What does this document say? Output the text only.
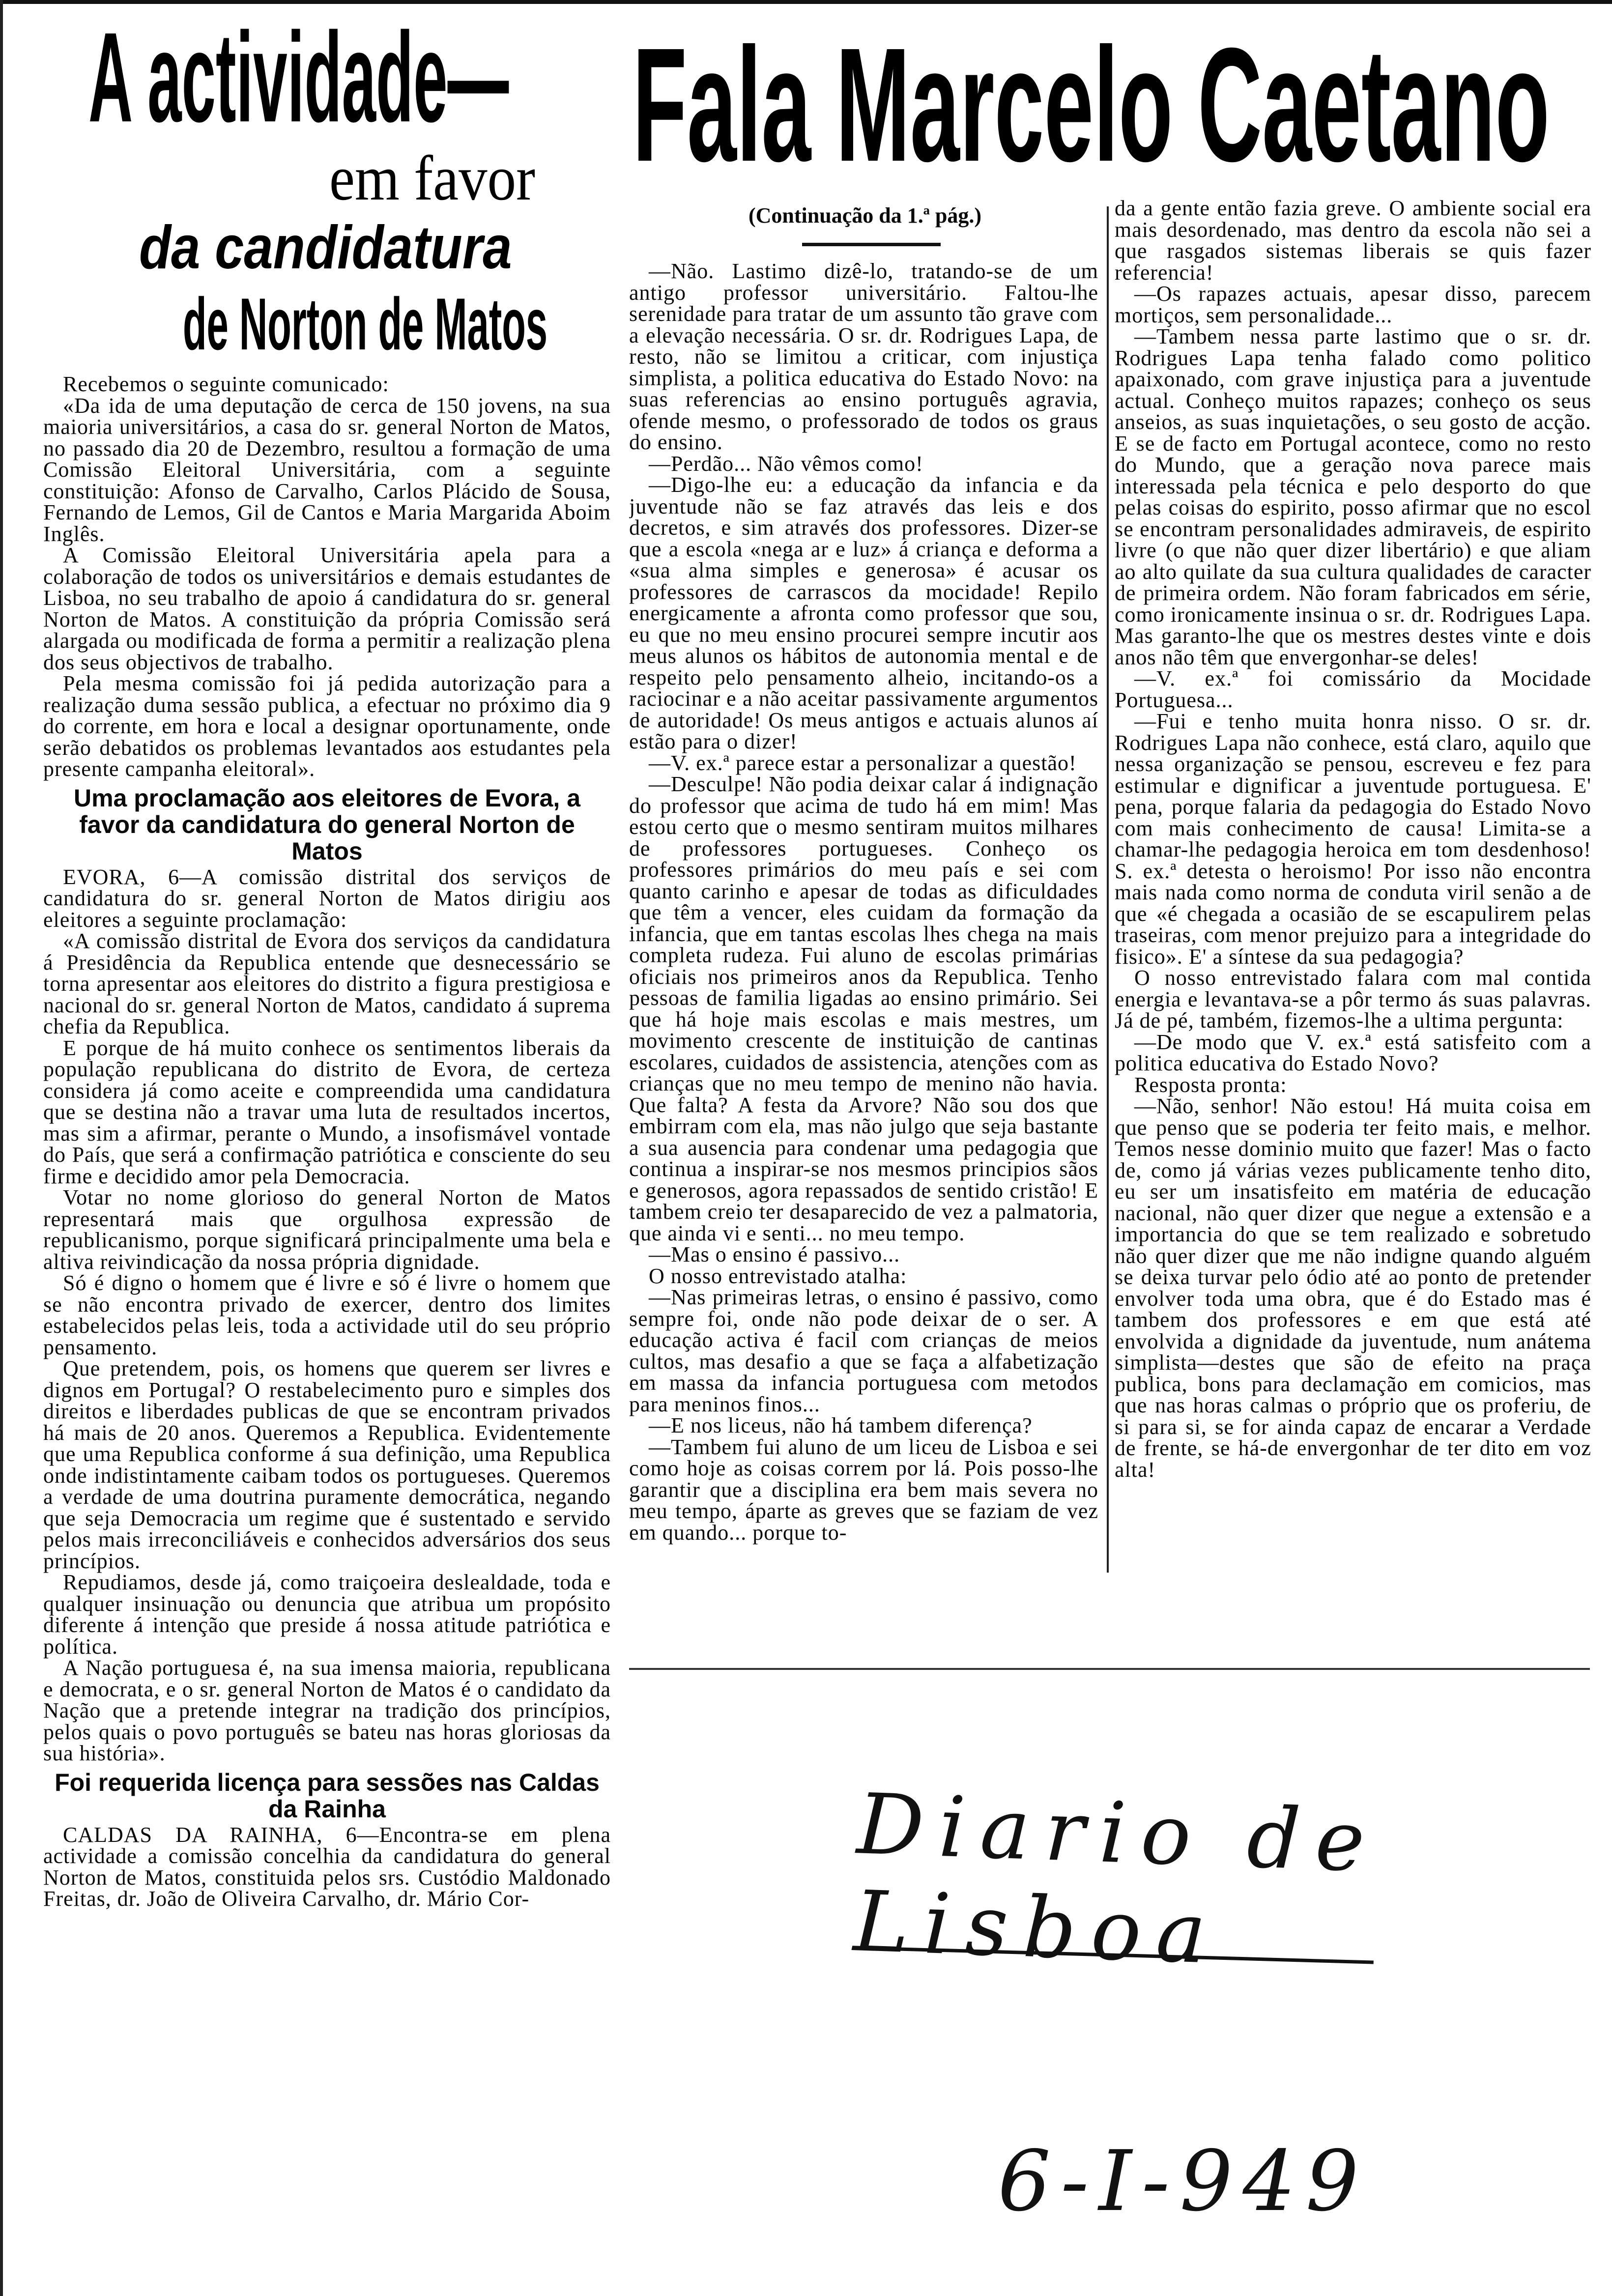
A actividade—
em favor
da candidatura
de Norton de Matos
Fala Marcelo Caetano
(Continuação da 1.ª pág.)

Recebemos o seguinte comunicado:

«Da ida de uma deputação de cerca de 150 jovens, na sua maioria universitários, a casa do sr. general Norton de Matos, no passado dia 20 de Dezembro, resultou a formação de uma Comissão Eleitoral Universitária, com a seguinte constituição: Afonso de Carvalho, Carlos Plácido de Sousa, Fernando de Lemos, Gil de Cantos e Maria Margarida Aboim Inglês.

A Comissão Eleitoral Universitária apela para a colaboração de todos os universitários e demais estudantes de Lisboa, no seu trabalho de apoio á candidatura do sr. general Norton de Matos. A constituição da própria Comissão será alargada ou modificada de forma a permitir a realização plena dos seus objectivos de trabalho.

Pela mesma comissão foi já pedida autorização para a realização duma sessão publica, a efectuar no próximo dia 9 do corrente, em hora e local a designar oportunamente, onde serão debatidos os problemas levantados aos estudantes pela presente campanha eleitoral».

Uma proclamação aos eleitores de Evora, a favor da candidatura do general Norton de Matos

EVORA, 6—A comissão distrital dos serviços de candidatura do sr. general Norton de Matos dirigiu aos eleitores a seguinte proclamação:

«A comissão distrital de Evora dos serviços da candidatura á Presidência da Republica entende que desnecessário se torna apresentar aos eleitores do distrito a figura prestigiosa e nacional do sr. general Norton de Matos, candidato á suprema chefia da Republica.

E porque de há muito conhece os sentimentos liberais da população republicana do distrito de Evora, de certeza considera já como aceite e compreendida uma candidatura que se destina não a travar uma luta de resultados incertos, mas sim a afirmar, perante o Mundo, a insofismável vontade do País, que será a confirmação patriótica e consciente do seu firme e decidido amor pela Democracia.

Votar no nome glorioso do general Norton de Matos representará mais que orgulhosa expressão de republicanismo, porque significará principalmente uma bela e altiva reivindicação da nossa própria dignidade.

Só é digno o homem que é livre e só é livre o homem que se não encontra privado de exercer, dentro dos limites estabelecidos pelas leis, toda a actividade util do seu próprio pensamento.

Que pretendem, pois, os homens que querem ser livres e dignos em Portugal? O restabelecimento puro e simples dos direitos e liberdades publicas de que se encontram privados há mais de 20 anos. Queremos a Republica. Evidentemente que uma Republica conforme á sua definição, uma Republica onde indistintamente caibam todos os portugueses. Queremos a verdade de uma doutrina puramente democrática, negando que seja Democracia um regime que é sustentado e servido pelos mais irreconciliáveis e conhecidos adversários dos seus princípios.

Repudiamos, desde já, como traiçoeira deslealdade, toda e qualquer insinuação ou denuncia que atribua um propósito diferente á intenção que preside á nossa atitude patriótica e política.

A Nação portuguesa é, na sua imensa maioria, republicana e democrata, e o sr. general Norton de Matos é o candidato da Nação que a pretende integrar na tradição dos princípios, pelos quais o povo português se bateu nas horas gloriosas da sua história».

Foi requerida licença para sessões nas Caldas da Rainha

CALDAS DA RAINHA, 6—Encontra-se em plena actividade a comissão concelhia da candidatura do general Norton de Matos, constituida pelos srs. Custódio Maldonado Freitas, dr. João de Oliveira Carvalho, dr. Mário Cor-

—Não. Lastimo dizê-lo, tratando-se de um antigo professor universitário. Faltou-lhe serenidade para tratar de um assunto tão grave com a elevação necessária. O sr. dr. Rodrigues Lapa, de resto, não se limitou a criticar, com injustiça simplista, a politica educativa do Estado Novo: na suas referencias ao ensino português agravia, ofende mesmo, o professorado de todos os graus do ensino.

—Perdão... Não vêmos como!

—Digo-lhe eu: a educação da infancia e da juventude não se faz através das leis e dos decretos, e sim através dos professores. Dizer-se que a escola «nega ar e luz» á criança e deforma a «sua alma simples e generosa» é acusar os professores de carrascos da mocidade! Repilo energicamente a afronta como professor que sou, eu que no meu ensino procurei sempre incutir aos meus alunos os hábitos de autonomia mental e de respeito pelo pensamento alheio, incitando-os a raciocinar e a não aceitar passivamente argumentos de autoridade! Os meus antigos e actuais alunos aí estão para o dizer!

—V. ex.ª parece estar a personalizar a questão!

—Desculpe! Não podia deixar calar á indignação do professor que acima de tudo há em mim! Mas estou certo que o mesmo sentiram muitos milhares de professores portugueses. Conheço os professores primários do meu país e sei com quanto carinho e apesar de todas as dificuldades que têm a vencer, eles cuidam da formação da infancia, que em tantas escolas lhes chega na mais completa rudeza. Fui aluno de escolas primárias oficiais nos primeiros anos da Republica. Tenho pessoas de familia ligadas ao ensino primário. Sei que há hoje mais escolas e mais mestres, um movimento crescente de instituição de cantinas escolares, cuidados de assistencia, atenções com as crianças que no meu tempo de menino não havia. Que falta? A festa da Arvore? Não sou dos que embirram com ela, mas não julgo que seja bastante a sua ausencia para condenar uma pedagogia que continua a inspirar-se nos mesmos principios sãos e generosos, agora repassados de sentido cristão! E tambem creio ter desaparecido de vez a palmatoria, que ainda vi e senti... no meu tempo.

—Mas o ensino é passivo...

O nosso entrevistado atalha:

—Nas primeiras letras, o ensino é passivo, como sempre foi, onde não pode deixar de o ser. A educação activa é facil com crianças de meios cultos, mas desafio a que se faça a alfabetização em massa da infancia portuguesa com metodos para meninos finos...

—E nos liceus, não há tambem diferença?

—Tambem fui aluno de um liceu de Lisboa e sei como hoje as coisas correm por lá. Pois posso-lhe garantir que a disciplina era bem mais severa no meu tempo, áparte as greves que se faziam de vez em quando... porque to-

da a gente então fazia greve. O ambiente social era mais desordenado, mas dentro da escola não sei a que rasgados sistemas liberais se quis fazer referencia!

—Os rapazes actuais, apesar disso, parecem mortiços, sem personalidade...

—Tambem nessa parte lastimo que o sr. dr. Rodrigues Lapa tenha falado como politico apaixonado, com grave injustiça para a juventude actual. Conheço muitos rapazes; conheço os seus anseios, as suas inquietações, o seu gosto de acção. E se de facto em Portugal acontece, como no resto do Mundo, que a geração nova parece mais interessada pela técnica e pelo desporto do que pelas coisas do espirito, posso afirmar que no escol se encontram personalidades admiraveis, de espirito livre (o que não quer dizer libertário) e que aliam ao alto quilate da sua cultura qualidades de caracter de primeira ordem. Não foram fabricados em série, como ironicamente insinua o sr. dr. Rodrigues Lapa. Mas garanto-lhe que os mestres destes vinte e dois anos não têm que envergonhar-se deles!

—V. ex.ª foi comissário da Mocidade Portuguesa...

—Fui e tenho muita honra nisso. O sr. dr. Rodrigues Lapa não conhece, está claro, aquilo que nessa organização se pensou, escreveu e fez para estimular e dignificar a juventude portuguesa. E' pena, porque falaria da pedagogia do Estado Novo com mais conhecimento de causa! Limita-se a chamar-lhe pedagogia heroica em tom desdenhoso! S. ex.ª detesta o heroismo! Por isso não encontra mais nada como norma de conduta viril senão a de que «é chegada a ocasião de se escapulirem pelas traseiras, com menor prejuizo para a integridade do fisico». E' a síntese da sua pedagogia?

O nosso entrevistado falara com mal contida energia e levantava-se a pôr termo ás suas palavras. Já de pé, também, fizemos-lhe a ultima pergunta:

—De modo que V. ex.ª está satisfeito com a politica educativa do Estado Novo?

Resposta pronta:

—Não, senhor! Não estou! Há muita coisa em que penso que se poderia ter feito mais, e melhor. Temos nesse dominio muito que fazer! Mas o facto de, como já várias vezes publicamente tenho dito, eu ser um insatisfeito em matéria de educação nacional, não quer dizer que negue a extensão e a importancia do que se tem realizado e sobretudo não quer dizer que me não indigne quando alguém se deixa turvar pelo ódio até ao ponto de pretender envolver toda uma obra, que é do Estado mas é tambem dos professores e em que está até envolvida a dignidade da juventude, num anátema simplista—destes que são de efeito na praça publica, bons para declamação em comicios, mas que nas horas calmas o próprio que os proferiu, de si para si, se for ainda capaz de encarar a Verdade de frente, se há-de envergonhar de ter dito em voz alta!

Diario de Lisboa
6-I-949
